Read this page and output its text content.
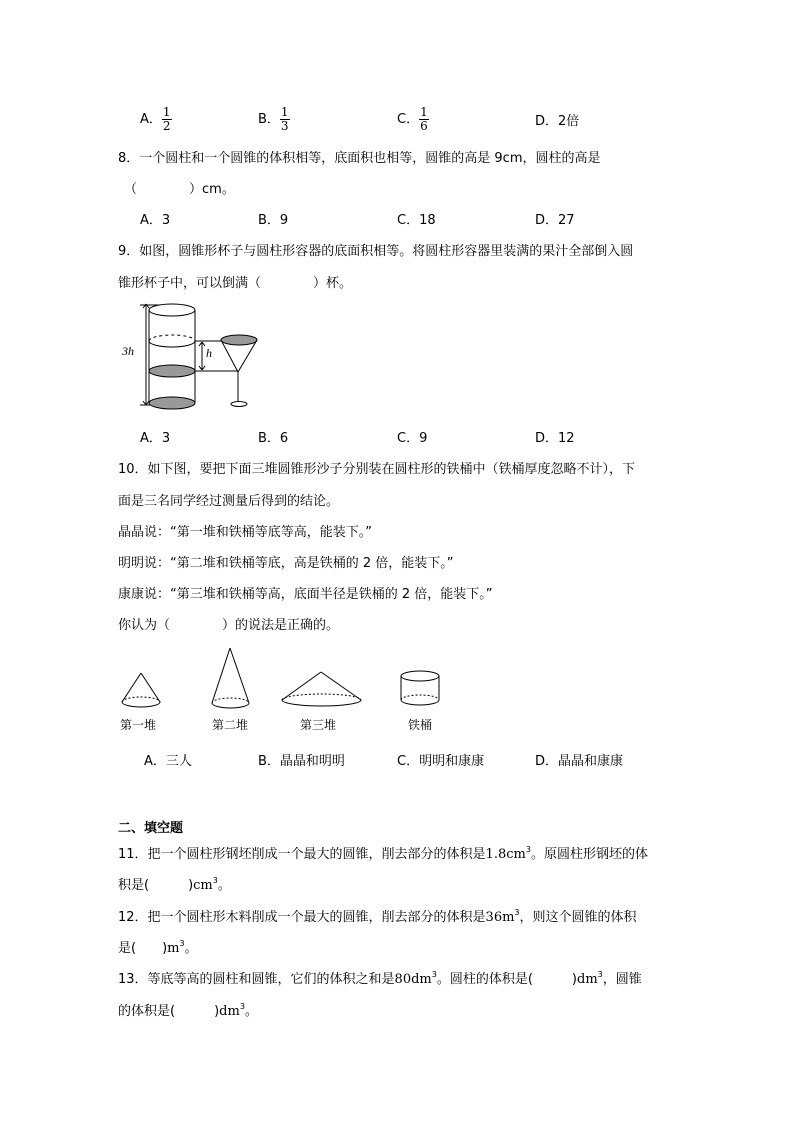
A． $\frac{1}{2}$	B． $\frac{1}{3}$	C． $\frac{1}{6}$	D．2倍
8．一个圆柱和一个圆锥的体积相等，底面积也相等，圆锥的高是 9cm，圆柱的高是
（　　　　）cm。
A．3	B．9	C．18	D．27
9．如图，圆锥形杯子与圆柱形容器的底面积相等。将圆柱形容器里装满的果汁全部倒入圆
锥形杯子中，可以倒满（　　　　）杯。
3h	h
A．3	B．6	C．9	D．12
10．如下图，要把下面三堆圆锥形沙子分别装在圆柱形的铁桶中（铁桶厚度忽略不计），下
面是三名同学经过测量后得到的结论。
晶晶说：“第一堆和铁桶等底等高，能装下。”
明明说：“第二堆和铁桶等底，高是铁桶的 2 倍，能装下。”
康康说：“第三堆和铁桶等高，底面半径是铁桶的 2 倍，能装下。”
你认为（　　　　）的说法是正确的。
第一堆	第二堆	第三堆	铁桶
A．三人	B．晶晶和明明	C．明明和康康	D．晶晶和康康
二、填空题
11．把一个圆柱形钢坯削成一个最大的圆锥，削去部分的体积是$1.8cm^3$。原圆柱形钢坯的体
积是(　　　)$cm^3$。
12．把一个圆柱形木料削成一个最大的圆锥，削去部分的体积是$36m^3$，则这个圆锥的体积
是(　　)$m^3$。
13．等底等高的圆柱和圆锥，它们的体积之和是$80dm^3$。圆柱的体积是(　　　)$dm^3$，圆锥
的体积是(　　　)$dm^3$。
